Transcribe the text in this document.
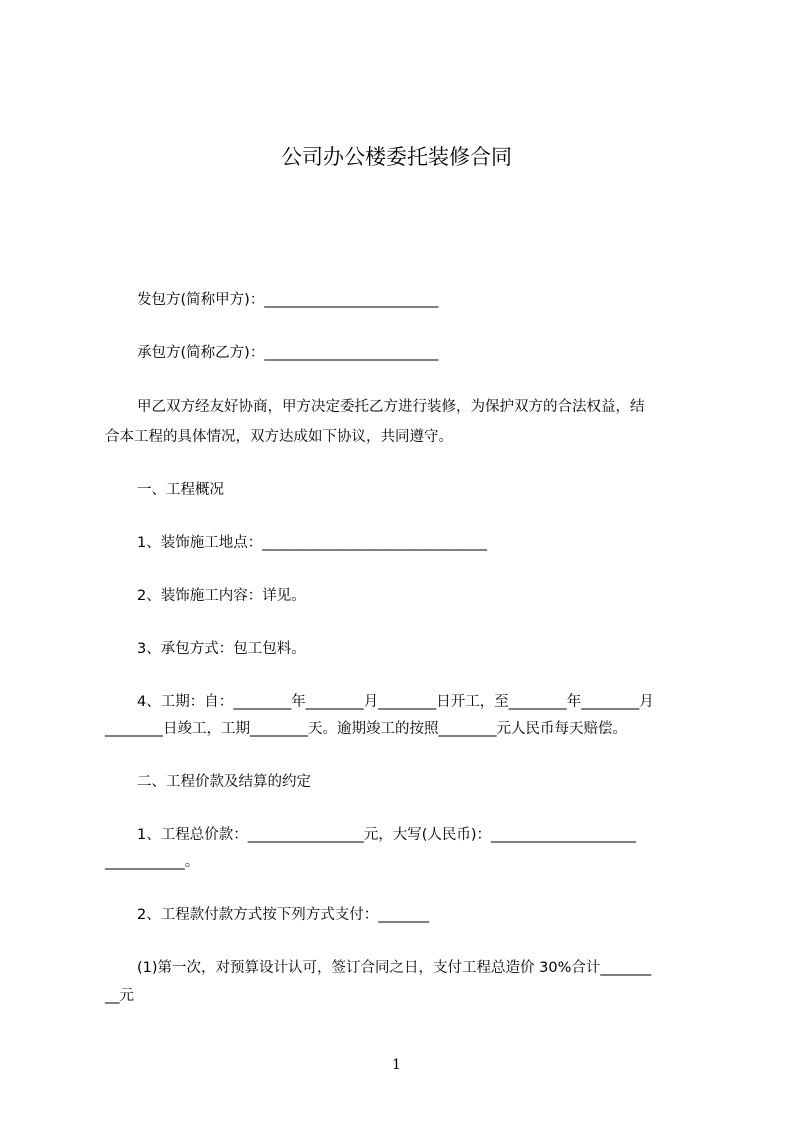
公司办公楼委托装修合同
发包方(简称甲方)：________________________
承包方(简称乙方)：________________________
甲乙双方经友好协商，甲方决定委托乙方进行装修，为保护双方的合法权益，结
合本工程的具体情况，双方达成如下协议，共同遵守。
一、工程概况
1、装饰施工地点：_______________________________
2、装饰施工内容：详见。
3、承包方式：包工包料。
4、工期：自：________年________月________日开工，至________年________月
________日竣工，工期________天。逾期竣工的按照________元人民币每天赔偿。
二、工程价款及结算的约定
1、工程总价款：________________元，大写(人民币)：____________________
___________。
2、工程款付款方式按下列方式支付：_______
(1)第一次，对预算设计认可，签订合同之日，支付工程总造价 30%合计_______
__元
1
